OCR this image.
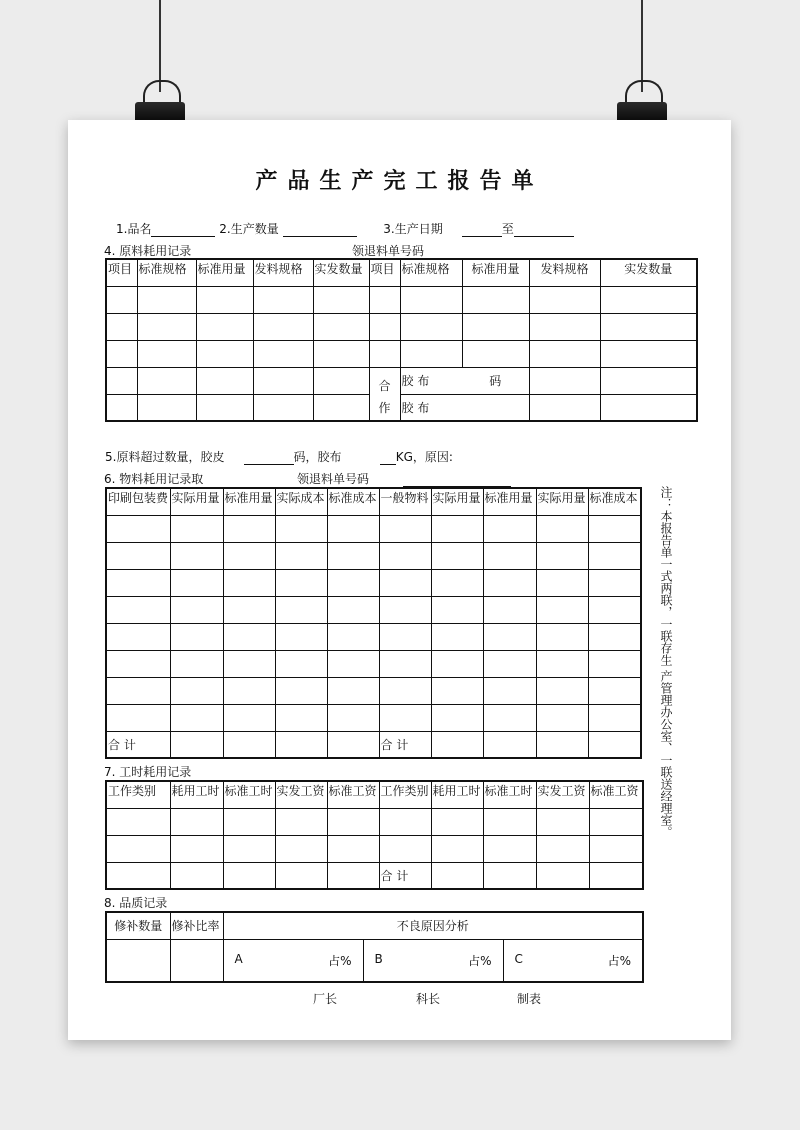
产品生产完工报告单
1.品名	2.生产数量	3.生产日期	至
4. 原料耗用记录	领退料单号码
项目	标准规格	标准用量	发料规格	实发数量	项目	标准规格	标准用量	发料规格	实发数量

					合	胶 布	码		
					作	胶 布			
5.原料超过数量，胶皮	码，胶布	KG，原因:
6. 物料耗用记录取	领退料单号码
印刷包装费	实际用量	标准用量	实际成本	标准成本	一般物料	实际用量	标准用量	实际用量	标准成本

合 计					合 计				
注：本报告单一式两联，一联存生 产管理办公室、一联送经理室。
7. 工时耗用记录
工作类别	耗用工时	标准工时	实发工资	标准工资	工作类别	耗用工时	标准工时	实发工资	标准工资

					合 计				
8. 品质记录
修补数量	修补比率	不良原因分析		
		A 占%	B 占%	C 占%
厂长	科长	制表
